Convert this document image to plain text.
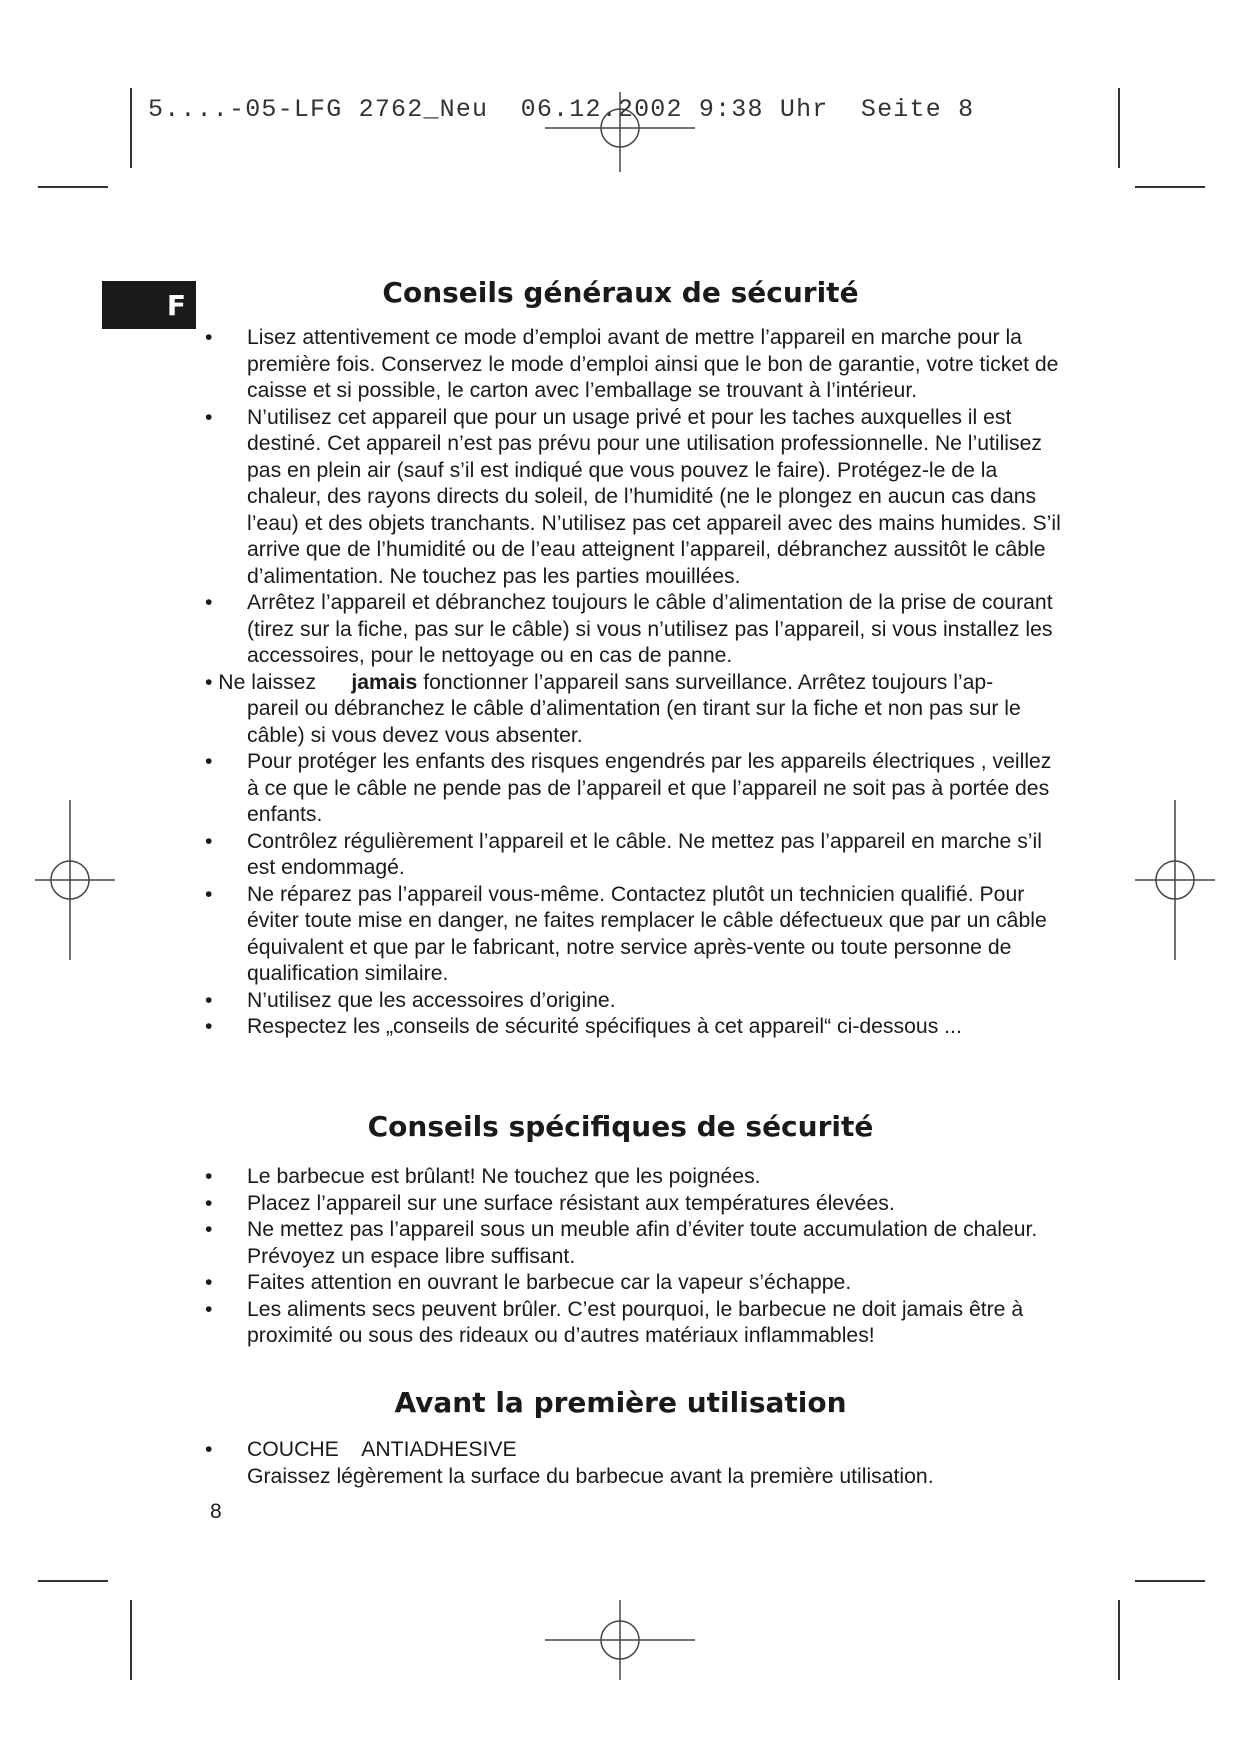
5....-05-LFG 2762_Neu  06.12.2002 9:38 Uhr  Seite 8
F	Conseils généraux de sécurité
• Lisez attentivement ce mode d’emploi avant de mettre l’appareil en marche pour la première fois. Conservez le mode d’emploi ainsi que le bon de garantie, votre ticket de caisse et si possible, le carton avec l’emballage se trouvant à l’intérieur.
• N’utilisez cet appareil que pour un usage privé et pour les taches auxquelles il est destiné. Cet appareil n’est pas prévu pour une utilisation professionnelle. Ne l’utilisez pas en plein air (sauf s’il est indiqué que vous pouvez le faire). Protégez-le de la chaleur, des rayons directs du soleil, de l’humidité (ne le plongez en aucun cas dans l’eau) et des objets tranchants. N’utilisez pas cet appareil avec des mains humides. S’il arrive que de l’humidité ou de l’eau atteignent l’appareil, débranchez aussitôt le câble d’alimentation. Ne touchez pas les parties mouillées.
• Arrêtez l’appareil et débranchez toujours le câble d’alimentation de la prise de courant (tirez sur la fiche, pas sur le câble) si vous n’utilisez pas l’appareil, si vous installez les accessoires, pour le nettoyage ou en cas de panne.
• Ne laissez jamais fonctionner l’appareil sans surveillance. Arrêtez toujours l’ap-
pareil ou débranchez le câble d’alimentation (en tirant sur la fiche et non pas sur le câble) si vous devez vous absenter.
• Pour protéger les enfants des risques engendrés par les appareils électriques , veillez à ce que le câble ne pende pas de l’appareil et que l’appareil ne soit pas à portée des enfants.
• Contrôlez régulièrement l’appareil et le câble. Ne mettez pas l’appareil en marche s’il est endommagé.
• Ne réparez pas l’appareil vous-même. Contactez plutôt un technicien qualifié. Pour éviter toute mise en danger, ne faites remplacer le câble défectueux que par un câble équivalent et que par le fabricant, notre service après-vente ou toute personne de qualification similaire.
• N’utilisez que les accessoires d’origine.
• Respectez les „conseils de sécurité spécifiques à cet appareil“ ci-dessous ...
Conseils spécifiques de sécurité
• Le barbecue est brûlant! Ne touchez que les poignées.
• Placez l’appareil sur une surface résistant aux températures élevées.
• Ne mettez pas l’appareil sous un meuble afin d’éviter toute accumulation de chaleur. Prévoyez un espace libre suffisant.
• Faites attention en ouvrant le barbecue car la vapeur s’échappe.
• Les aliments secs peuvent brûler. C’est pourquoi, le barbecue ne doit jamais être à proximité ou sous des rideaux ou d’autres matériaux inflammables!
Avant la première utilisation
• COUCHE    ANTIADHESIVE
Graissez légèrement la surface du barbecue avant la première utilisation.
8
